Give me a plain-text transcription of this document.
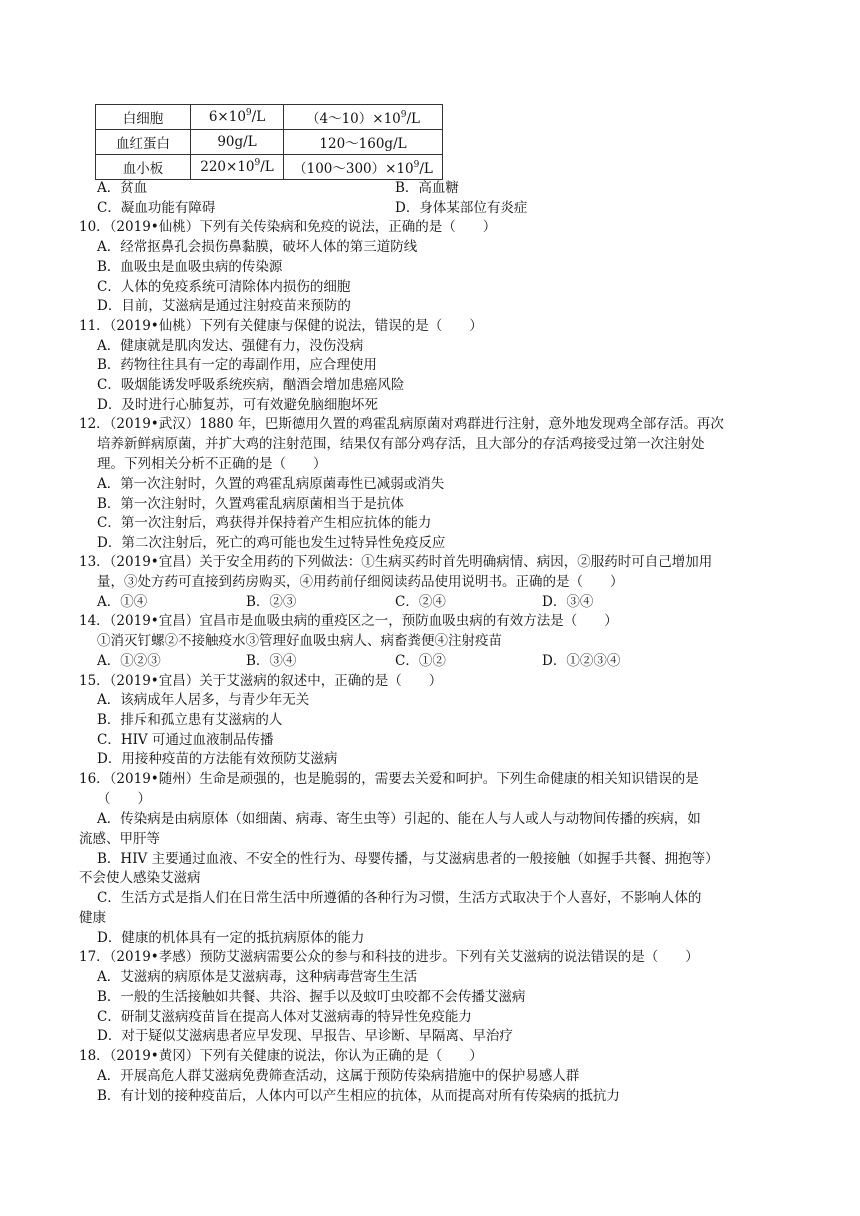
白细胞	$6\times 10^9/L$	$(4\sim 10)\times 10^9/L$
血红蛋白	90g/L	120～160g/L
血小板	$220\times 10^9/L$	$(100\sim 300)\times 10^9/L$
A．贫血	B．高血糖
C．凝血功能有障碍	D．身体某部位有炎症
10．（2019•仙桃）下列有关传染病和免疫的说法，正确的是（　　）
A．经常抠鼻孔会损伤鼻黏膜，破坏人体的第三道防线
B．血吸虫是血吸虫病的传染源
C．人体的免疫系统可清除体内损伤的细胞
D．目前，艾滋病是通过注射疫苗来预防的
11．（2019•仙桃）下列有关健康与保健的说法，错误的是（　　）
A．健康就是肌肉发达、强健有力，没伤没病
B．药物往往具有一定的毒副作用，应合理使用
C．吸烟能诱发呼吸系统疾病，酗酒会增加患癌风险
D．及时进行心肺复苏，可有效避免脑细胞坏死
12．（2019•武汉）1880 年，巴斯德用久置的鸡霍乱病原菌对鸡群进行注射，意外地发现鸡全部存活。再次
培养新鲜病原菌，并扩大鸡的注射范围，结果仅有部分鸡存活，且大部分的存活鸡接受过第一次注射处
理。下列相关分析不正确的是（　　）
A．第一次注射时，久置的鸡霍乱病原菌毒性已减弱或消失
B．第一次注射时，久置鸡霍乱病原菌相当于是抗体
C．第一次注射后，鸡获得并保持着产生相应抗体的能力
D．第二次注射后，死亡的鸡可能也发生过特异性免疫反应
13．（2019•宜昌）关于安全用药的下列做法：①生病买药时首先明确病情、病因，②服药时可自己增加用
量，③处方药可直接到药房购买，④用药前仔细阅读药品使用说明书。正确的是（　　）
A．①④	B．②③	C．②④	D．③④
14．（2019•宜昌）宜昌市是血吸虫病的重疫区之一，预防血吸虫病的有效方法是（　　）
①消灭钉螺②不接触疫水③管理好血吸虫病人、病畜粪便④注射疫苗
A．①②③	B．③④	C．①②	D．①②③④
15．（2019•宜昌）关于艾滋病的叙述中，正确的是（　　）
A．该病成年人居多，与青少年无关
B．排斥和孤立患有艾滋病的人
C．HIV 可通过血液制品传播
D．用接种疫苗的方法能有效预防艾滋病
16．（2019•随州）生命是顽强的，也是脆弱的，需要去关爱和呵护。下列生命健康的相关知识错误的是
（　　）
A．传染病是由病原体（如细菌、病毒、寄生虫等）引起的、能在人与人或人与动物间传播的疾病，如
流感、甲肝等
B．HIV 主要通过血液、不安全的性行为、母婴传播，与艾滋病患者的一般接触（如握手共餐、拥抱等）
不会使人感染艾滋病
C．生活方式是指人们在日常生活中所遵循的各种行为习惯，生活方式取决于个人喜好，不影响人体的
健康
D．健康的机体具有一定的抵抗病原体的能力
17．（2019•孝感）预防艾滋病需要公众的参与和科技的进步。下列有关艾滋病的说法错误的是（　　）
A．艾滋病的病原体是艾滋病毒，这种病毒营寄生生活
B．一般的生活接触如共餐、共浴、握手以及蚊叮虫咬都不会传播艾滋病
C．研制艾滋病疫苗旨在提高人体对艾滋病毒的特异性免疫能力
D．对于疑似艾滋病患者应早发现、早报告、早诊断、早隔离、早治疗
18．（2019•黄冈）下列有关健康的说法，你认为正确的是（　　）
A．开展高危人群艾滋病免费筛查活动，这属于预防传染病措施中的保护易感人群
B．有计划的接种疫苗后，人体内可以产生相应的抗体，从而提高对所有传染病的抵抗力
